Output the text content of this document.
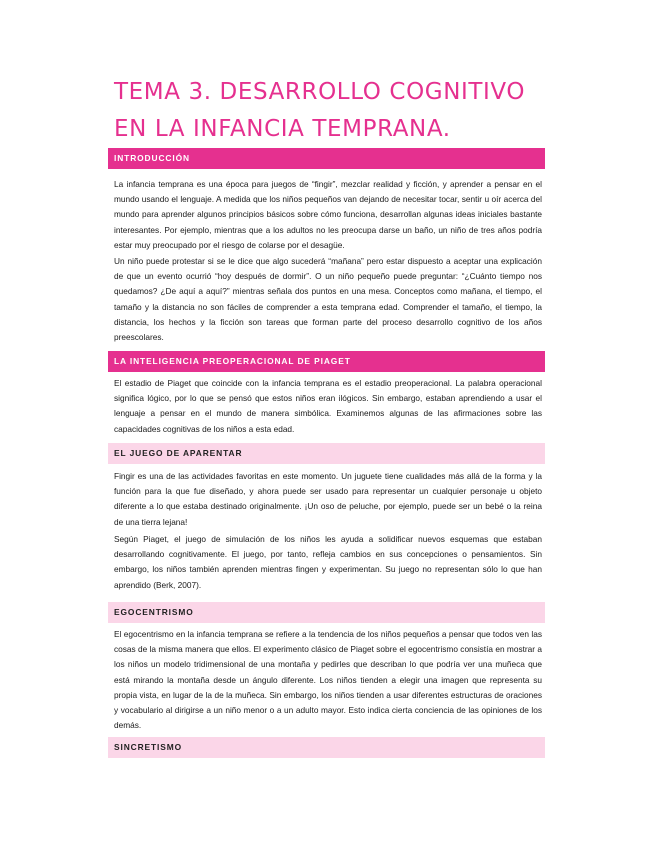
TEMA 3. DESARROLLO COGNITIVO EN LA INFANCIA TEMPRANA.
INTRODUCCIÓN

La infancia temprana es una época para juegos de “fingir”, mezclar realidad y ficción, y aprender a pensar en el mundo usando el lenguaje. A medida que los niños pequeños van dejando de necesitar tocar, sentir u oír acerca del mundo para aprender algunos principios básicos sobre cómo funciona, desarrollan algunas ideas iniciales bastante interesantes. Por ejemplo, mientras que a los adultos no les preocupa darse un baño, un niño de tres años podría estar muy preocupado por el riesgo de colarse por el desagüe.

Un niño puede protestar si se le dice que algo sucederá “mañana” pero estar dispuesto a aceptar una explicación de que un evento ocurrió “hoy después de dormir”. O un niño pequeño puede preguntar: “¿Cuánto tiempo nos quedamos? ¿De aquí a aquí?” mientras señala dos puntos en una mesa. Conceptos como mañana, el tiempo, el tamaño y la distancia no son fáciles de comprender a esta temprana edad. Comprender el tamaño, el tiempo, la distancia, los hechos y la ficción son tareas que forman parte del proceso desarrollo cognitivo de los años preescolares.

LA INTELIGENCIA PREOPERACIONAL DE PIAGET

El estadio de Piaget que coincide con la infancia temprana es el estadio preoperacional. La palabra operacional significa lógico, por lo que se pensó que estos niños eran ilógicos. Sin embargo, estaban aprendiendo a usar el lenguaje a pensar en el mundo de manera simbólica. Examinemos algunas de las afirmaciones sobre las capacidades cognitivas de los niños a esta edad.

EL JUEGO DE APARENTAR

Fingir es una de las actividades favoritas en este momento. Un juguete tiene cualidades más allá de la forma y la función para la que fue diseñado, y ahora puede ser usado para representar un cualquier personaje u objeto diferente a lo que estaba destinado originalmente. ¡Un oso de peluche, por ejemplo, puede ser un bebé o la reina de una tierra lejana!

Según Piaget, el juego de simulación de los niños les ayuda a solidificar nuevos esquemas que estaban desarrollando cognitivamente. El juego, por tanto, refleja cambios en sus concepciones o pensamientos. Sin embargo, los niños también aprenden mientras fingen y experimentan. Su juego no representan sólo lo que han aprendido (Berk, 2007).

EGOCENTRISMO

El egocentrismo en la infancia temprana se refiere a la tendencia de los niños pequeños a pensar que todos ven las cosas de la misma manera que ellos. El experimento clásico de Piaget sobre el egocentrismo consistía en mostrar a los niños un modelo tridimensional de una montaña y pedirles que describan lo que podría ver una muñeca que está mirando la montaña desde un ángulo diferente. Los niños tienden a elegir una imagen que representa su propia vista, en lugar de la de la muñeca. Sin embargo, los niños tienden a usar diferentes estructuras de oraciones y vocabulario al dirigirse a un niño menor o a un adulto mayor. Esto indica cierta conciencia de las opiniones de los demás.

SINCRETISMO
